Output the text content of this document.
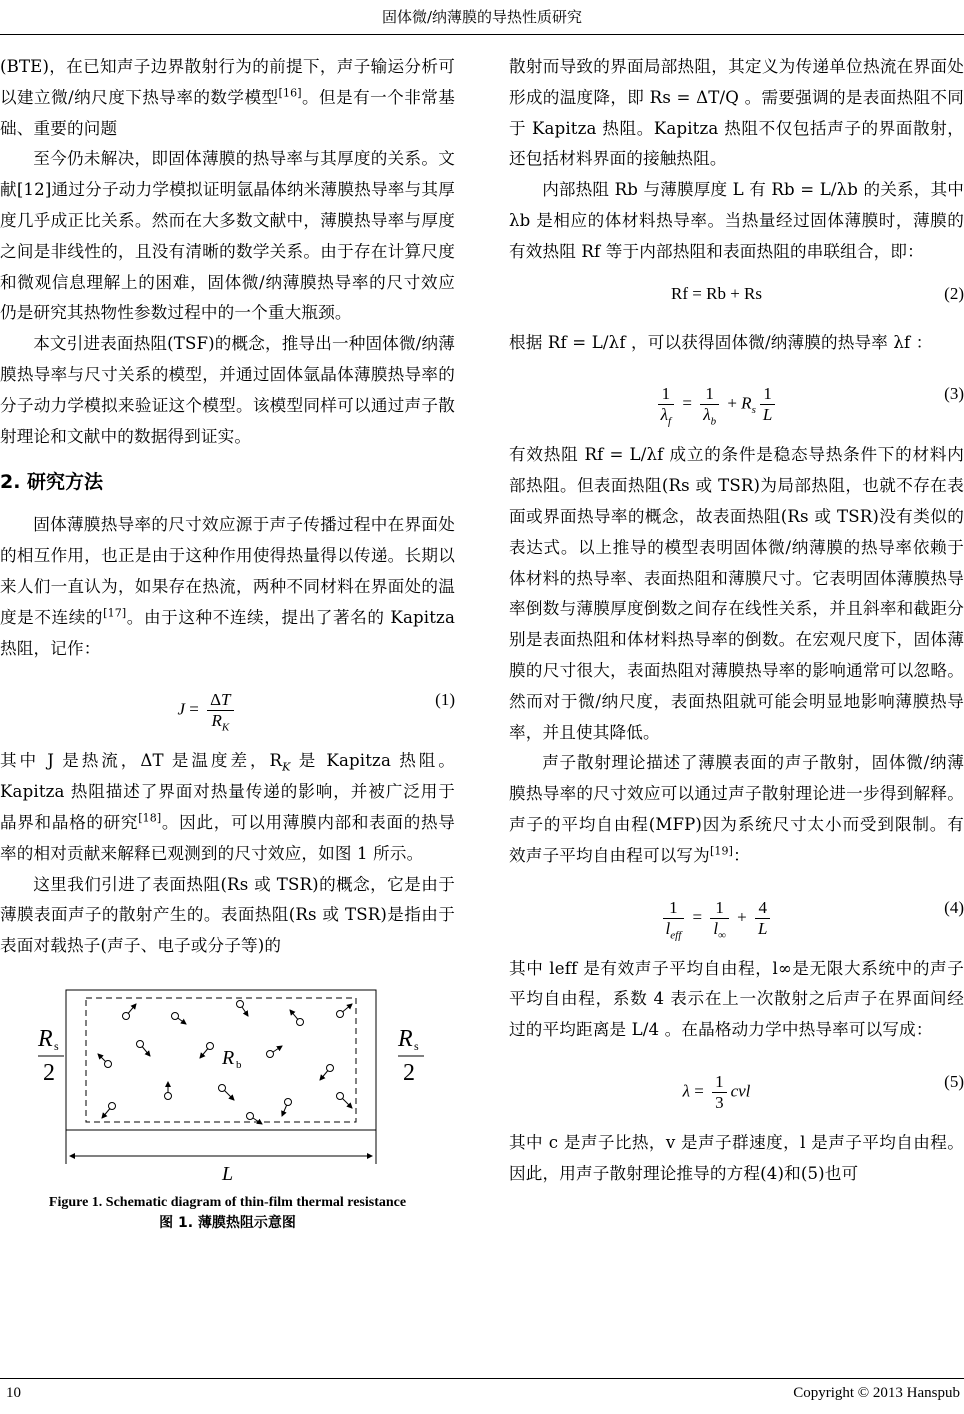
固体微/纳薄膜的导热性质研究

(BTE)，在已知声子边界散射行为的前提下，声子输运分析可以建立微/纳尺度下热导率的数学模型[16]。但是有一个非常基础、重要的问题

至今仍未解决，即固体薄膜的热导率与其厚度的关系。文献[12]通过分子动力学模拟证明氩晶体纳米薄膜热导率与其厚度几乎成正比关系。然而在大多数文献中，薄膜热导率与厚度之间是非线性的，且没有清晰的数学关系。由于存在计算尺度和微观信息理解上的困难，固体微/纳薄膜热导率的尺寸效应仍是研究其热物性参数过程中的一个重大瓶颈。

本文引进表面热阻(TSF)的概念，推导出一种固体微/纳薄膜热导率与尺寸关系的模型，并通过固体氩晶体薄膜热导率的分子动力学模拟来验证这个模型。该模型同样可以通过声子散射理论和文献中的数据得到证实。

2. 研究方法

固体薄膜热导率的尺寸效应源于声子传播过程中在界面处的相互作用，也正是由于这种作用使得热量得以传递。长期以来人们一直认为，如果存在热流，两种不同材料在界面处的温度是不连续的[17]。由于这种不连续，提出了著名的 Kapitza 热阻，记作：

$J = \frac{\Delta T}{R_K}$	(1)

其中 J 是热流，ΔT 是温度差，$R_K$ 是 Kapitza 热阻。Kapitza 热阻描述了界面对热量传递的影响，并被广泛用于晶界和晶格的研究[18]。因此，可以用薄膜内部和表面的热导率的相对贡献来解释已观测到的尺寸效应，如图 1 所示。

这里我们引进了表面热阻(Rs 或 TSR)的概念，它是由于薄膜表面声子的散射产生的。表面热阻(Rs 或 TSR)是指由于表面对载热子(声子、电子或分子等)的

R s
2
R s
2
R b
L
Figure 1. Schematic diagram of thin-film thermal resistance
图 1. 薄膜热阻示意图

散射而导致的界面局部热阻，其定义为传递单位热流在界面处形成的温度降，即 Rs = ΔT/Q 。需要强调的是表面热阻不同于 Kapitza 热阻。Kapitza 热阻不仅包括声子的界面散射，还包括材料界面的接触热阻。

内部热阻 Rb 与薄膜厚度 L 有 Rb = L/λb 的关系，其中 λb 是相应的体材料热导率。当热量经过固体薄膜时，薄膜的有效热阻 Rf 等于内部热阻和表面热阻的串联组合，即：

Rf = Rb + Rs	(2)

根据 Rf = L/λf ，可以获得固体微/纳薄膜的热导率 λf ：

$\frac{1}{\lambda_f} = \frac{1}{\lambda_b} + R_s \frac{1}{L}$	(3)

有效热阻 Rf = L/λf 成立的条件是稳态导热条件下的材料内部热阻。但表面热阻(Rs 或 TSR)为局部热阻，也就不存在表面或界面热导率的概念，故表面热阻(Rs 或 TSR)没有类似的表达式。以上推导的模型表明固体微/纳薄膜的热导率依赖于体材料的热导率、表面热阻和薄膜尺寸。它表明固体薄膜热导率倒数与薄膜厚度倒数之间存在线性关系，并且斜率和截距分别是表面热阻和体材料热导率的倒数。在宏观尺度下，固体薄膜的尺寸很大，表面热阻对薄膜热导率的影响通常可以忽略。然而对于微/纳尺度，表面热阻就可能会明显地影响薄膜热导率，并且使其降低。

声子散射理论描述了薄膜表面的声子散射，固体微/纳薄膜热导率的尺寸效应可以通过声子散射理论进一步得到解释。声子的平均自由程(MFP)因为系统尺寸太小而受到限制。有效声子平均自由程可以写为[19]：

$\frac{1}{l_{eff}} = \frac{1}{l_\infty} + \frac{4}{L}$	(4)

其中 leff 是有效声子平均自由程，l∞是无限大系统中的声子平均自由程，系数 4 表示在上一次散射之后声子在界面间经过的平均距离是 L/4 。在晶格动力学中热导率可以写成：

$\lambda = \frac{1}{3}$ cvl	(5)

其中 c 是声子比热，v 是声子群速度，l 是声子平均自由程。因此，用声子散射理论推导的方程(4)和(5)也可

10	Copyright © 2013 Hanspub
